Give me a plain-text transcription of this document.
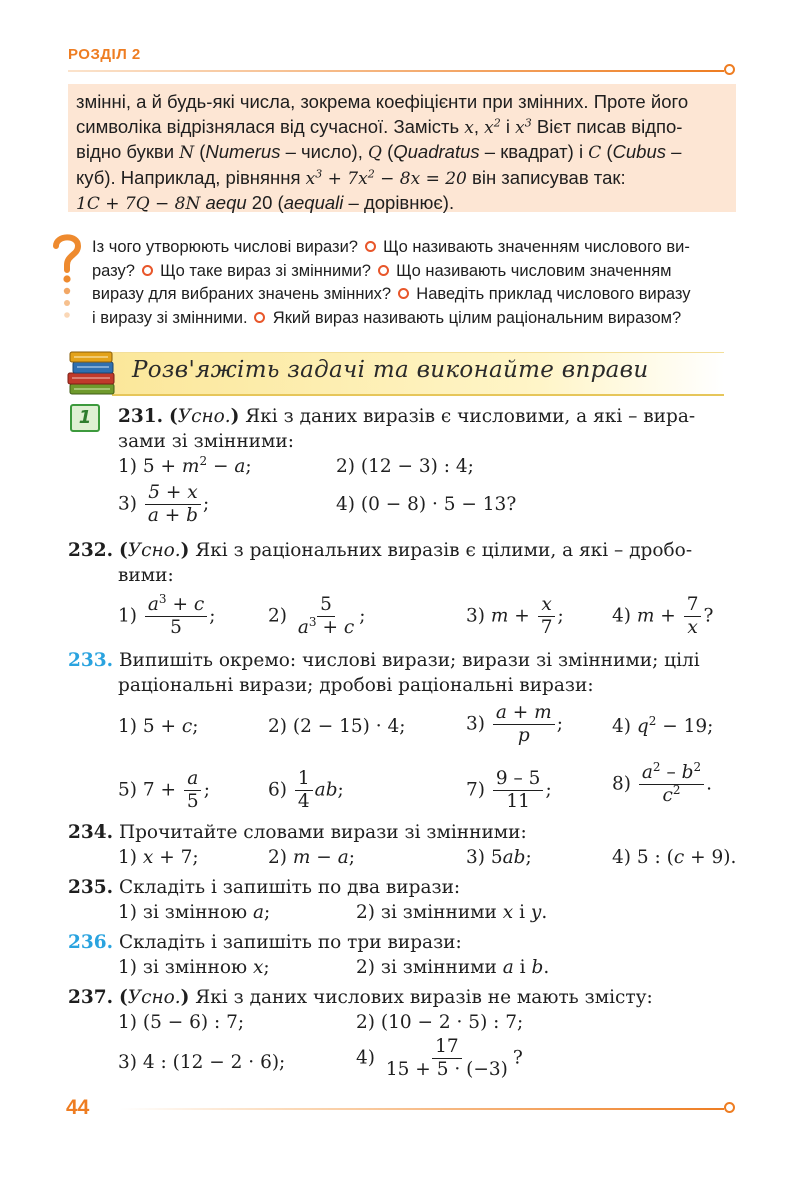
РОЗДІЛ 2
змінні, а й будь-які числа, зокрема коефіцієнти при змінних. Проте його
символіка відрізнялася від сучасної. Замість x, $x^2$ і $x^3$ Вієт писав відпо-
відно букви N (Numerus – число), Q (Quadratus – квадрат) і C (Cubus –
куб). Наприклад, рівняння $x^3 + 7x^2 - 8x = 20$ він записував так:
1C + 7Q − 8N aequ 20 (aequali – дорівнює).
Із чого утворюють числові вирази? Що називають значенням числового ви-
разу? Що таке вираз зі змінними? Що називають числовим значенням
виразу для вибраних значень змінних? Наведіть приклад числового виразу
і виразу зі змінними. Який вираз називають цілим раціональним виразом?
Розв'яжіть задачі та виконайте вправи
1	231. (Усно.) Які з даних виразів є числовими, а які – вира-
зами зі змінними:
1) $5 + m^2 - a$;	2) (12 − 3) : 4;
$3) \frac{5 + x}{a + b}$ ;	4) (0 − 8) · 5 − 13?
232. (Усно.) Які з раціональних виразів є цілими, а які – дробо-
вими:
$1) \frac{a^3 + c}{5}$ ;	$2) \frac{5}{a^3 + c}$ ;	3) $m + \frac{x}{7}$ ;	4) $m + \frac{7}{x}$ ?
233. Випишіть окремо: числові вирази; вирази зі змінними; цілі
раціональні вирази; дробові раціональні вирази:
1) 5 + c;	2) (2 − 15) · 4;	$3) \frac{a + m}{p}$ ;	4) $q^2 - 19$;
5) $7 + \frac{a}{5}$ ;	$6) \frac{1}{4}$ ab;	$7) \frac{9 - 5}{11}$ ;	$8) \frac{a^2 - b^2}{c^2}$ .
234. Прочитайте словами вирази зі змінними:
1) x + 7;	2) m − a;	3) 5ab;	4) 5 : (c + 9).
235. Складіть і запишіть по два вирази:
1) зі змінною a;	2) зі змінними x і y.
236. Складіть і запишіть по три вирази:
1) зі змінною x;	2) зі змінними a і b.
237. (Усно.) Які з даних числових виразів не мають змісту:
1) (5 − 6) : 7;	2) (10 − 2 · 5) : 7;
3) 4 : (12 − 2 · 6);	$4) \frac{17}{15 + 5 \cdot (-3)}$ ?
44
